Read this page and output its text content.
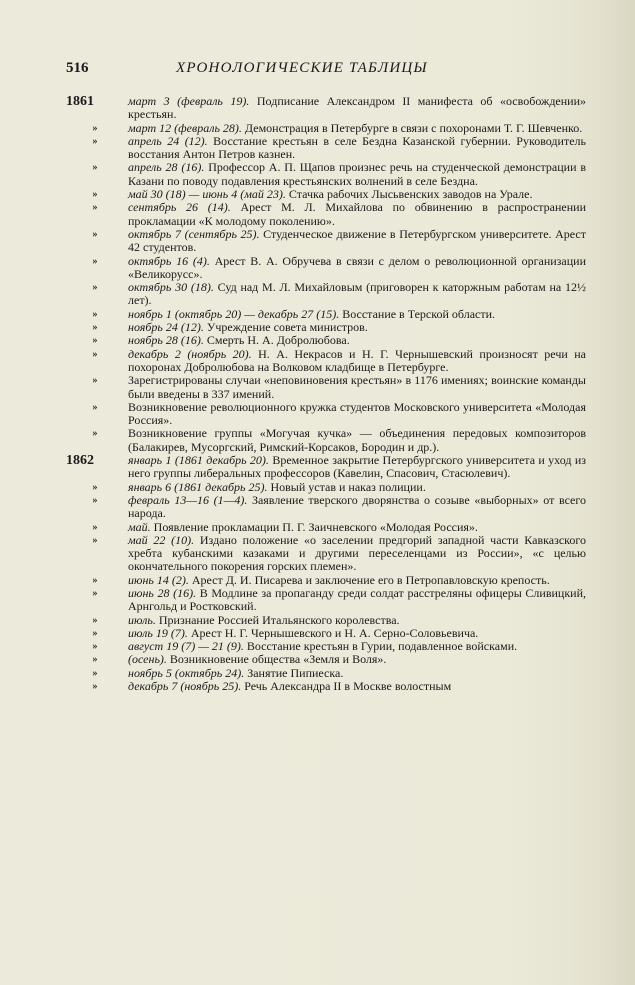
516	ХРОНОЛОГИЧЕСКИЕ ТАБЛИЦЫ
1861	март 3 (февраль 19). Подписание Александром II манифеста об «освобождении» крестьян.
»	март 12 (февраль 28). Демонстрация в Петербурге в связи с похоронами Т. Г. Шевченко.
»	апрель 24 (12). Восстание крестьян в селе Бездна Казанской губернии. Руководитель восстания Антон Петров казнен.
»	апрель 28 (16). Профессор А. П. Щапов произнес речь на студенческой демонстрации в Казани по поводу подавления крестьянских волнений в селе Бездна.
»	май 30 (18) — июнь 4 (май 23). Стачка рабочих Лысьвенских заводов на Урале.
»	сентябрь 26 (14). Арест М. Л. Михайлова по обвинению в распространении прокламации «К молодому поколению».
»	октябрь 7 (сентябрь 25). Студенческое движение в Петербургском университете. Арест 42 студентов.
»	октябрь 16 (4). Арест В. А. Обручева в связи с делом о революционной организации «Великорусс».
»	октябрь 30 (18). Суд над М. Л. Михайловым (приговорен к каторжным работам на 12½ лет).
»	ноябрь 1 (октябрь 20) — декабрь 27 (15). Восстание в Терской области.
»	ноябрь 24 (12). Учреждение совета министров.
»	ноябрь 28 (16). Смерть Н. А. Добролюбова.
»	декабрь 2 (ноябрь 20). Н. А. Некрасов и Н. Г. Чернышевский произносят речи на похоронах Добролюбова на Волковом кладбище в Петербурге.
»	Зарегистрированы случаи «неповиновения крестьян» в 1176 имениях; воинские команды были введены в 337 имений.
»	Возникновение революционного кружка студентов Московского университета «Молодая Россия».
»	Возникновение группы «Могучая кучка» — объединения передовых композиторов (Балакирев, Мусоргский, Римский-Корсаков, Бородин и др.).
1862	январь 1 (1861 декабрь 20). Временное закрытие Петербургского университета и уход из него группы либеральных профессоров (Кавелин, Спасович, Стасюлевич).
»	январь 6 (1861 декабрь 25). Новый устав и наказ полиции.
»	февраль 13—16 (1—4). Заявление тверского дворянства о созыве «выборных» от всего народа.
»	май. Появление прокламации П. Г. Заичневского «Молодая Россия».
»	май 22 (10). Издано положение «о заселении предгорий западной части Кавказского хребта кубанскими казаками и другими переселенцами из России», «с целью окончательного покорения горских племен».
»	июнь 14 (2). Арест Д. И. Писарева и заключение его в Петропавловскую крепость.
»	июнь 28 (16). В Модлине за пропаганду среди солдат расстреляны офицеры Сливицкий, Арнгольд и Ростковский.
»	июль. Признание Россией Итальянского королевства.
»	июль 19 (7). Арест Н. Г. Чернышевского и Н. А. Серно-Соловьевича.
»	август 19 (7) — 21 (9). Восстание крестьян в Гурии, подавленное войсками.
»	(осень). Возникновение общества «Земля и Воля».
»	ноябрь 5 (октябрь 24). Занятие Пипиеска.
»	декабрь 7 (ноябрь 25). Речь Александра II в Москве волостным
